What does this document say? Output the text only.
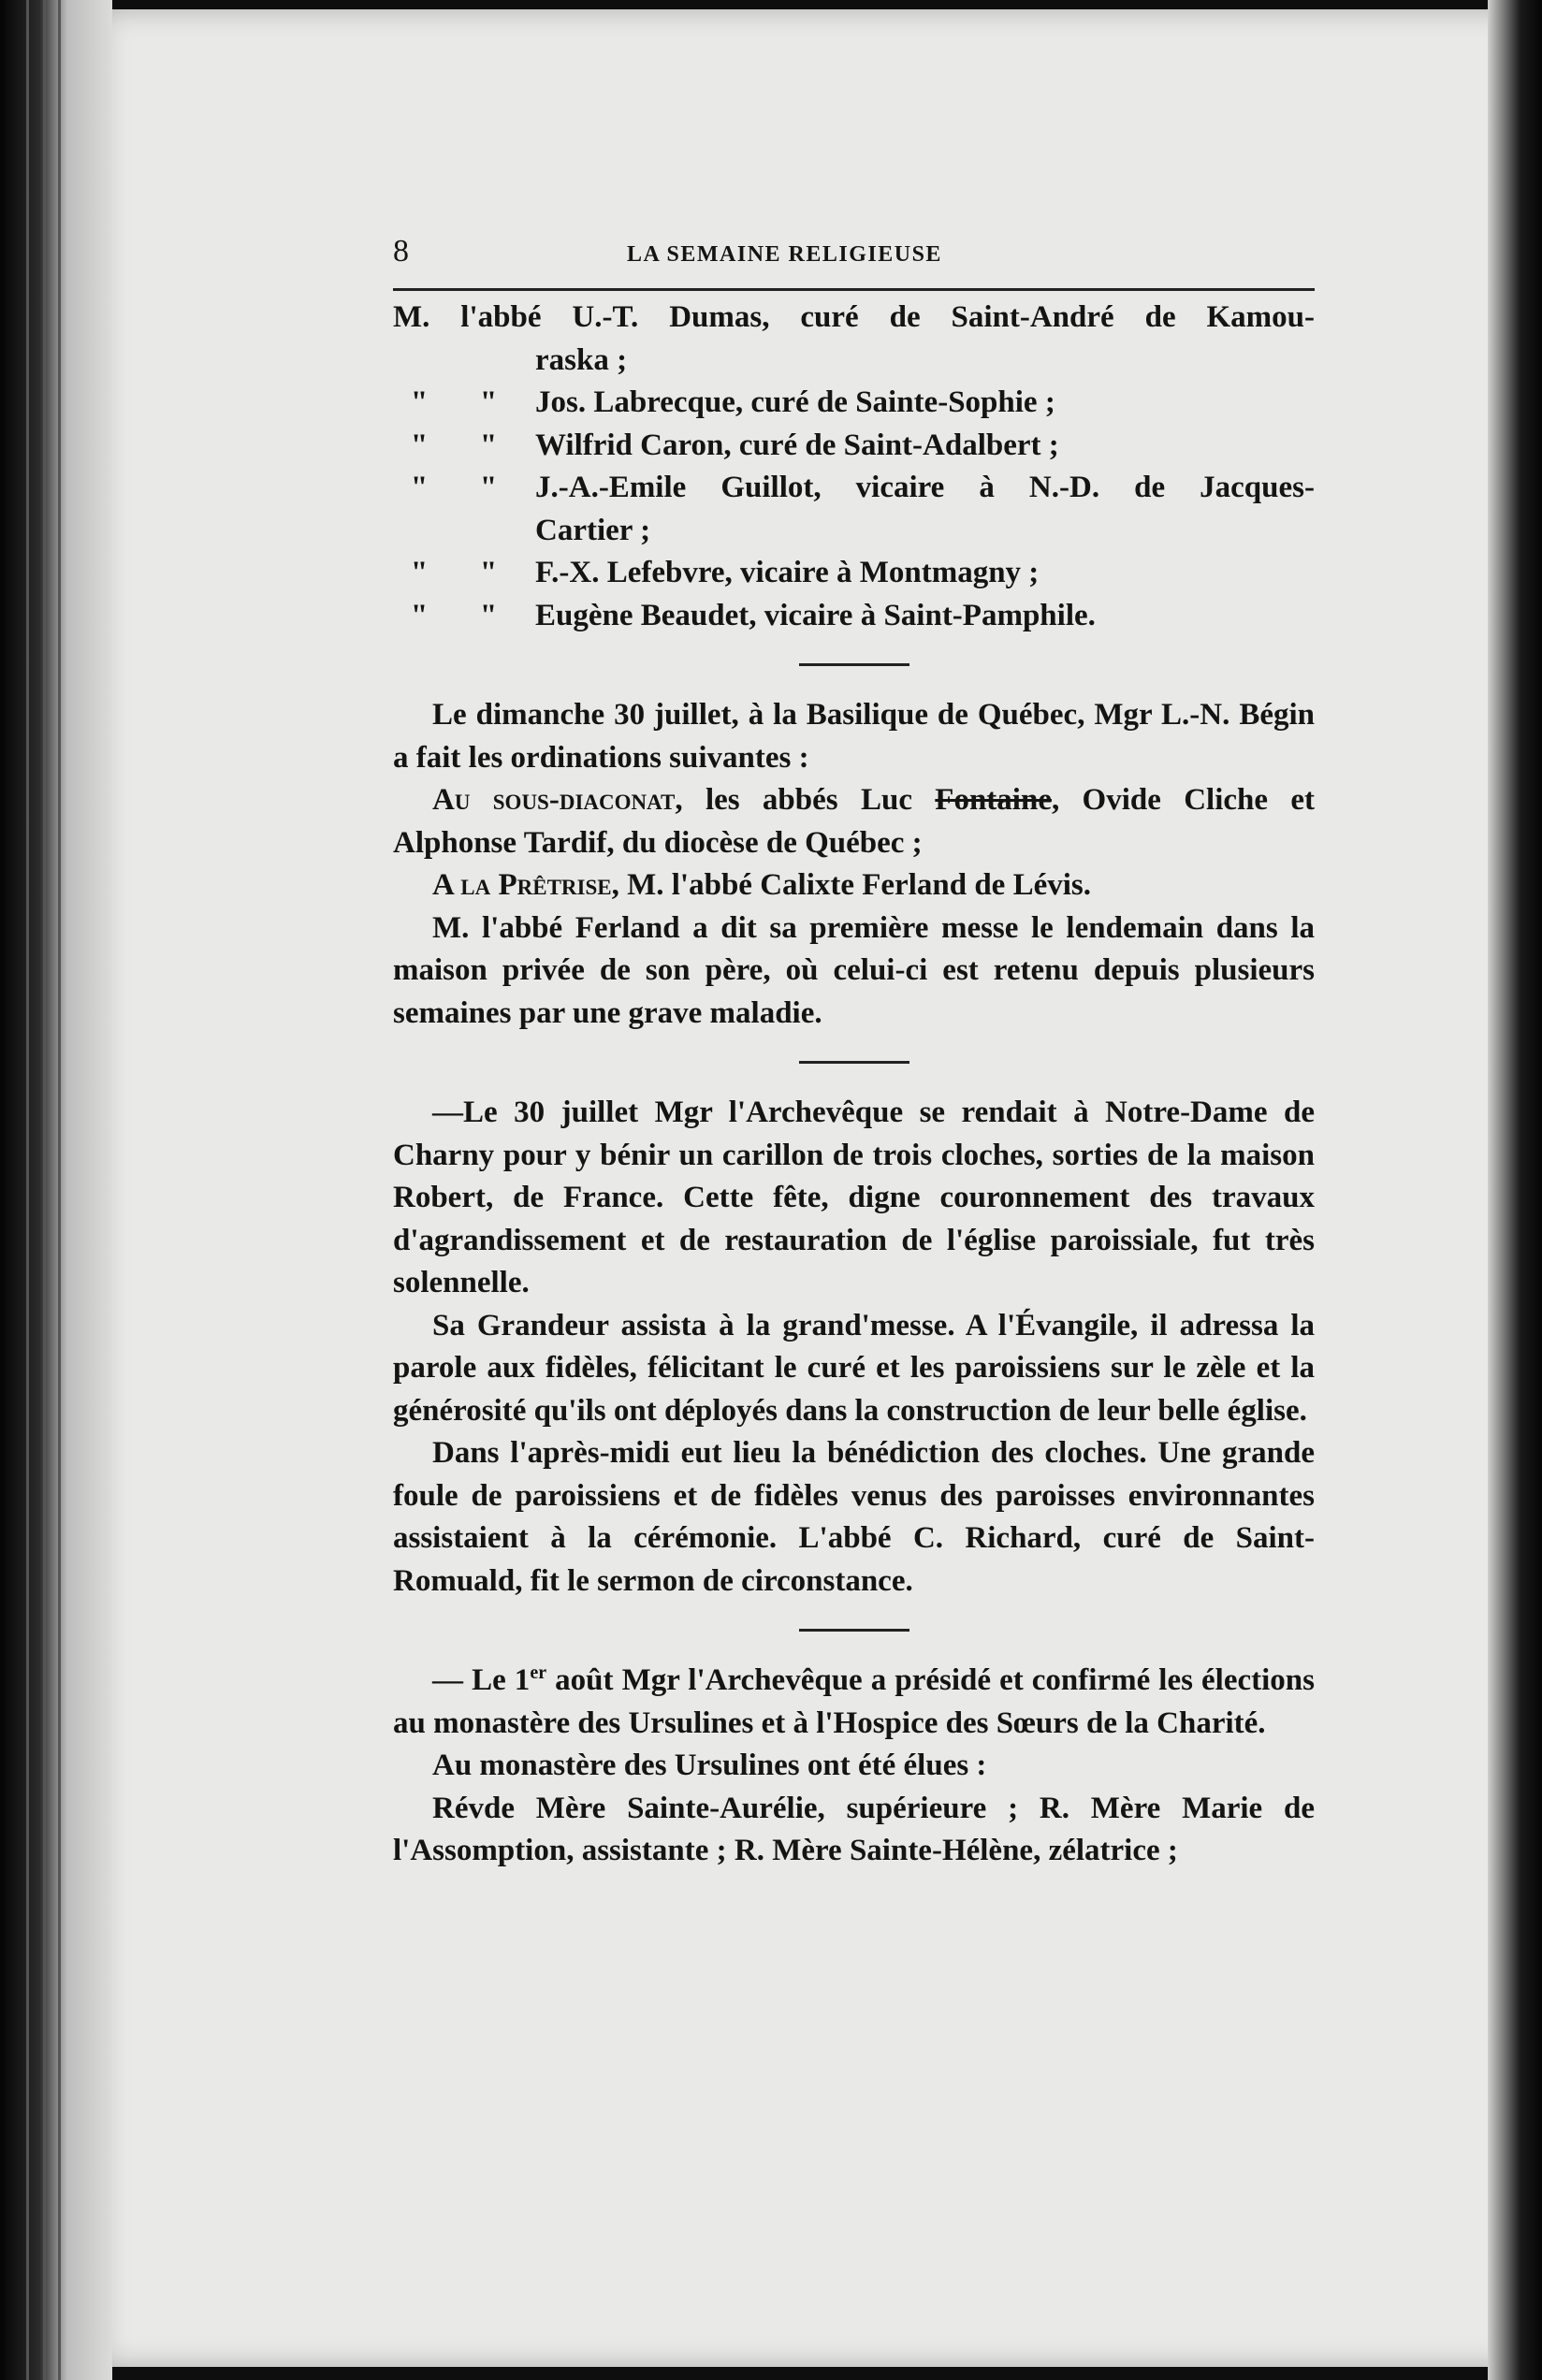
8	LA SEMAINE RELIGIEUSE
M. l'abbé U.-T. Dumas, curé de Saint-André de Kamou-
raska ;
"	"	Jos. Labrecque, curé de Sainte-Sophie ;
"	"	Wilfrid Caron, curé de Saint-Adalbert ;
"	"	J.-A.-Emile Guillot, vicaire à N.-D. de Jacques-
Cartier ;
"	"	F.-X. Lefebvre, vicaire à Montmagny ;
"	"	Eugène Beaudet, vicaire à Saint-Pamphile.

Le dimanche 30 juillet, à la Basilique de Québec, Mgr L.-N. Bégin a fait les ordinations suivantes :

Au sous-diaconat, les abbés Luc Fontaine, Ovide Cliche et Alphonse Tardif, du diocèse de Québec ;

A la Prêtrise, M. l'abbé Calixte Ferland de Lévis.

M. l'abbé Ferland a dit sa première messe le lendemain dans la maison privée de son père, où celui-ci est retenu depuis plusieurs semaines par une grave maladie.

—Le 30 juillet Mgr l'Archevêque se rendait à Notre-Dame de Charny pour y bénir un carillon de trois cloches, sorties de la maison Robert, de France. Cette fête, digne couronnement des travaux d'agrandissement et de restauration de l'église paroissiale, fut très solennelle.

Sa Grandeur assista à la grand'messe. A l'Évangile, il adressa la parole aux fidèles, félicitant le curé et les paroissiens sur le zèle et la générosité qu'ils ont déployés dans la construction de leur belle église.

Dans l'après-midi eut lieu la bénédiction des cloches. Une grande foule de paroissiens et de fidèles venus des paroisses environnantes assistaient à la cérémonie. L'abbé C. Richard, curé de Saint-Romuald, fit le sermon de circonstance.

— Le 1er août Mgr l'Archevêque a présidé et confirmé les élections au monastère des Ursulines et à l'Hospice des Sœurs de la Charité.

Au monastère des Ursulines ont été élues :

Révde Mère Sainte-Aurélie, supérieure ; R. Mère Marie de l'Assomption, assistante ; R. Mère Sainte-Hélène, zélatrice ;
